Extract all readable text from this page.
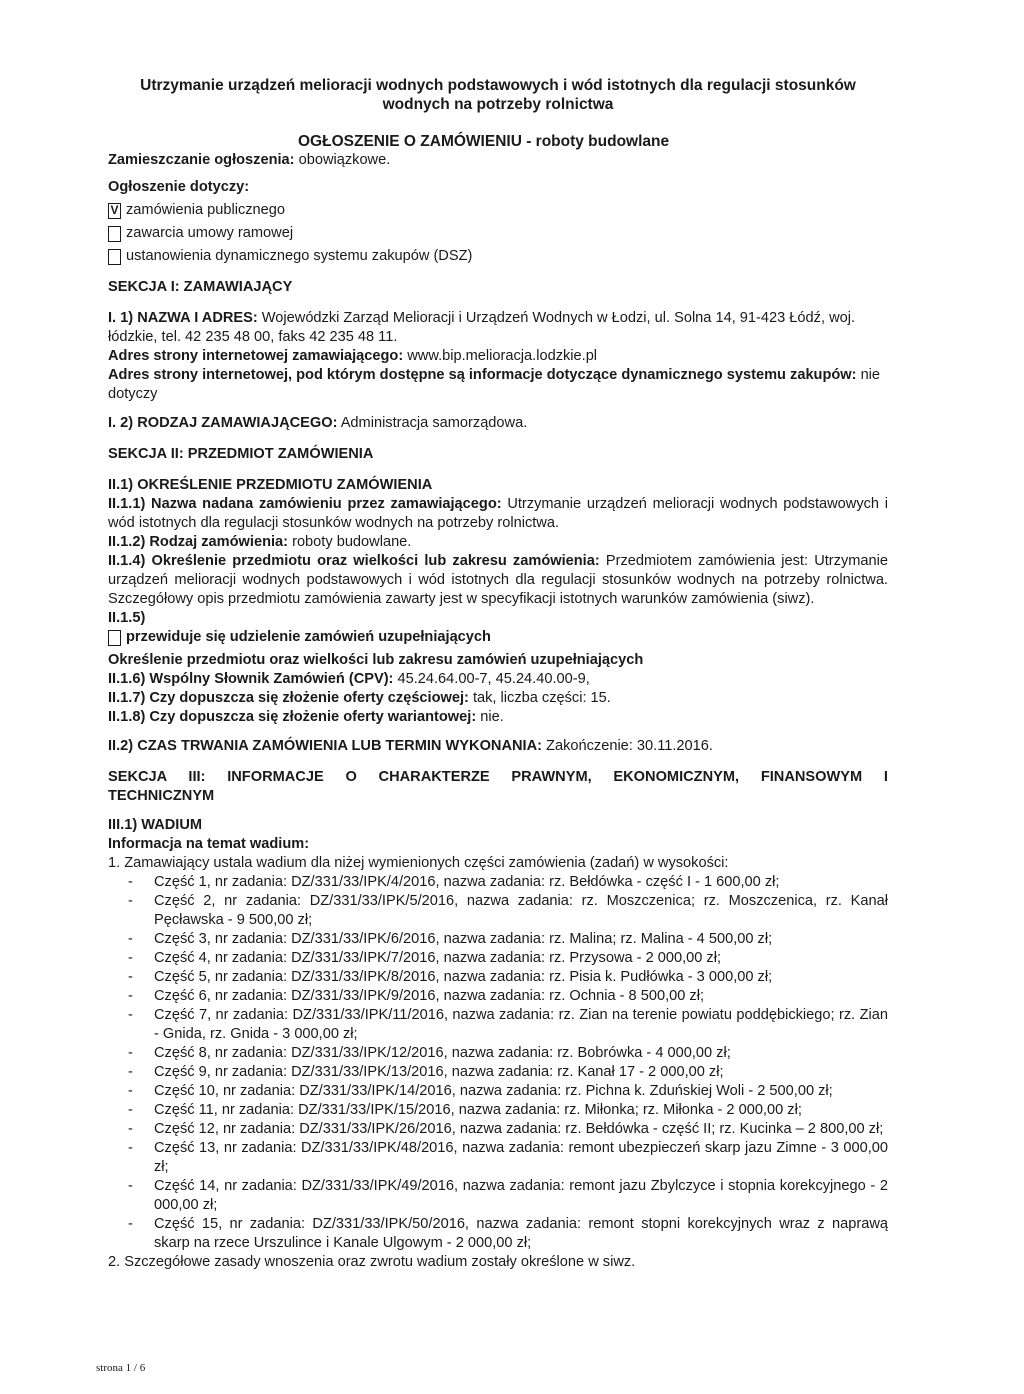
Utrzymanie urządzeń melioracji wodnych podstawowych i wód istotnych dla regulacji stosunków
wodnych na potrzeby rolnictwa
OGŁOSZENIE O ZAMÓWIENIU - roboty budowlane

Zamieszczanie ogłoszenia: obowiązkowe.

Ogłoszenie dotyczy:

V zamówienia publicznego
zawarcia umowy ramowej
ustanowienia dynamicznego systemu zakupów (DSZ)

SEKCJA I: ZAMAWIAJĄCY

I. 1) NAZWA I ADRES: Wojewódzki Zarząd Melioracji i Urządzeń Wodnych w Łodzi, ul. Solna 14, 91-423 Łódź, woj. łódzkie, tel. 42 235 48 00, faks 42 235 48 11.

Adres strony internetowej zamawiającego: www.bip.melioracja.lodzkie.pl

Adres strony internetowej, pod którym dostępne są informacje dotyczące dynamicznego systemu zakupów: nie dotyczy

I. 2) RODZAJ ZAMAWIAJĄCEGO: Administracja samorządowa.

SEKCJA II: PRZEDMIOT ZAMÓWIENIA

II.1) OKREŚLENIE PRZEDMIOTU ZAMÓWIENIA

II.1.1) Nazwa nadana zamówieniu przez zamawiającego: Utrzymanie urządzeń melioracji wodnych podstawowych i wód istotnych dla regulacji stosunków wodnych na potrzeby rolnictwa.

II.1.2) Rodzaj zamówienia: roboty budowlane.

II.1.4) Określenie przedmiotu oraz wielkości lub zakresu zamówienia: Przedmiotem zamówienia jest: Utrzymanie urządzeń melioracji wodnych podstawowych i wód istotnych dla regulacji stosunków wodnych na potrzeby rolnictwa. Szczegółowy opis przedmiotu zamówienia zawarty jest w specyfikacji istotnych warunków zamówienia (siwz).

II.1.5)

przewiduje się udzielenie zamówień uzupełniających

Określenie przedmiotu oraz wielkości lub zakresu zamówień uzupełniających

II.1.6) Wspólny Słownik Zamówień (CPV): 45.24.64.00-7, 45.24.40.00-9,

II.1.7) Czy dopuszcza się złożenie oferty częściowej: tak, liczba części: 15.

II.1.8) Czy dopuszcza się złożenie oferty wariantowej: nie.

II.2) CZAS TRWANIA ZAMÓWIENIA LUB TERMIN WYKONANIA: Zakończenie: 30.11.2016.

SEKCJA III: INFORMACJE O CHARAKTERZE PRAWNYM, EKONOMICZNYM, FINANSOWYM I TECHNICZNYM

III.1) WADIUM

Informacja na temat wadium:

1. Zamawiający ustala wadium dla niżej wymienionych części zamówienia (zadań) w wysokości:

- Część 1, nr zadania: DZ/331/33/IPK/4/2016, nazwa zadania: rz. Bełdówka - część I - 1 600,00 zł;
- Część 2, nr zadania: DZ/331/33/IPK/5/2016, nazwa zadania: rz. Moszczenica; rz. Moszczenica, rz. Kanał Pęcławska - 9 500,00 zł;
- Część 3, nr zadania: DZ/331/33/IPK/6/2016, nazwa zadania: rz. Malina; rz. Malina - 4 500,00 zł;
- Część 4, nr zadania: DZ/331/33/IPK/7/2016, nazwa zadania: rz. Przysowa - 2 000,00 zł;
- Część 5, nr zadania: DZ/331/33/IPK/8/2016, nazwa zadania: rz. Pisia k. Pudłówka - 3 000,00 zł;
- Część 6, nr zadania: DZ/331/33/IPK/9/2016, nazwa zadania: rz. Ochnia - 8 500,00 zł;
- Część 7, nr zadania: DZ/331/33/IPK/11/2016, nazwa zadania: rz. Zian na terenie powiatu poddębickiego; rz. Zian - Gnida, rz. Gnida - 3 000,00 zł;
- Część 8, nr zadania: DZ/331/33/IPK/12/2016, nazwa zadania: rz. Bobrówka - 4 000,00 zł;
- Część 9, nr zadania: DZ/331/33/IPK/13/2016, nazwa zadania: rz. Kanał 17 - 2 000,00 zł;
- Część 10, nr zadania: DZ/331/33/IPK/14/2016, nazwa zadania: rz. Pichna k. Zduńskiej Woli - 2 500,00 zł;
- Część 11, nr zadania: DZ/331/33/IPK/15/2016, nazwa zadania: rz. Miłonka; rz. Miłonka - 2 000,00 zł;
- Część 12, nr zadania: DZ/331/33/IPK/26/2016, nazwa zadania: rz. Bełdówka - część II; rz. Kucinka – 2 800,00 zł;
- Część 13, nr zadania: DZ/331/33/IPK/48/2016, nazwa zadania: remont ubezpieczeń skarp jazu Zimne - 3 000,00 zł;
- Część 14, nr zadania: DZ/331/33/IPK/49/2016, nazwa zadania: remont jazu Zbylczyce i stopnia korekcyjnego - 2 000,00 zł;
- Część 15, nr zadania: DZ/331/33/IPK/50/2016, nazwa zadania: remont stopni korekcyjnych wraz z naprawą skarp na rzece Urszulince i Kanale Ulgowym - 2 000,00 zł;

2. Szczegółowe zasady wnoszenia oraz zwrotu wadium zostały określone w siwz.

strona 1 / 6
